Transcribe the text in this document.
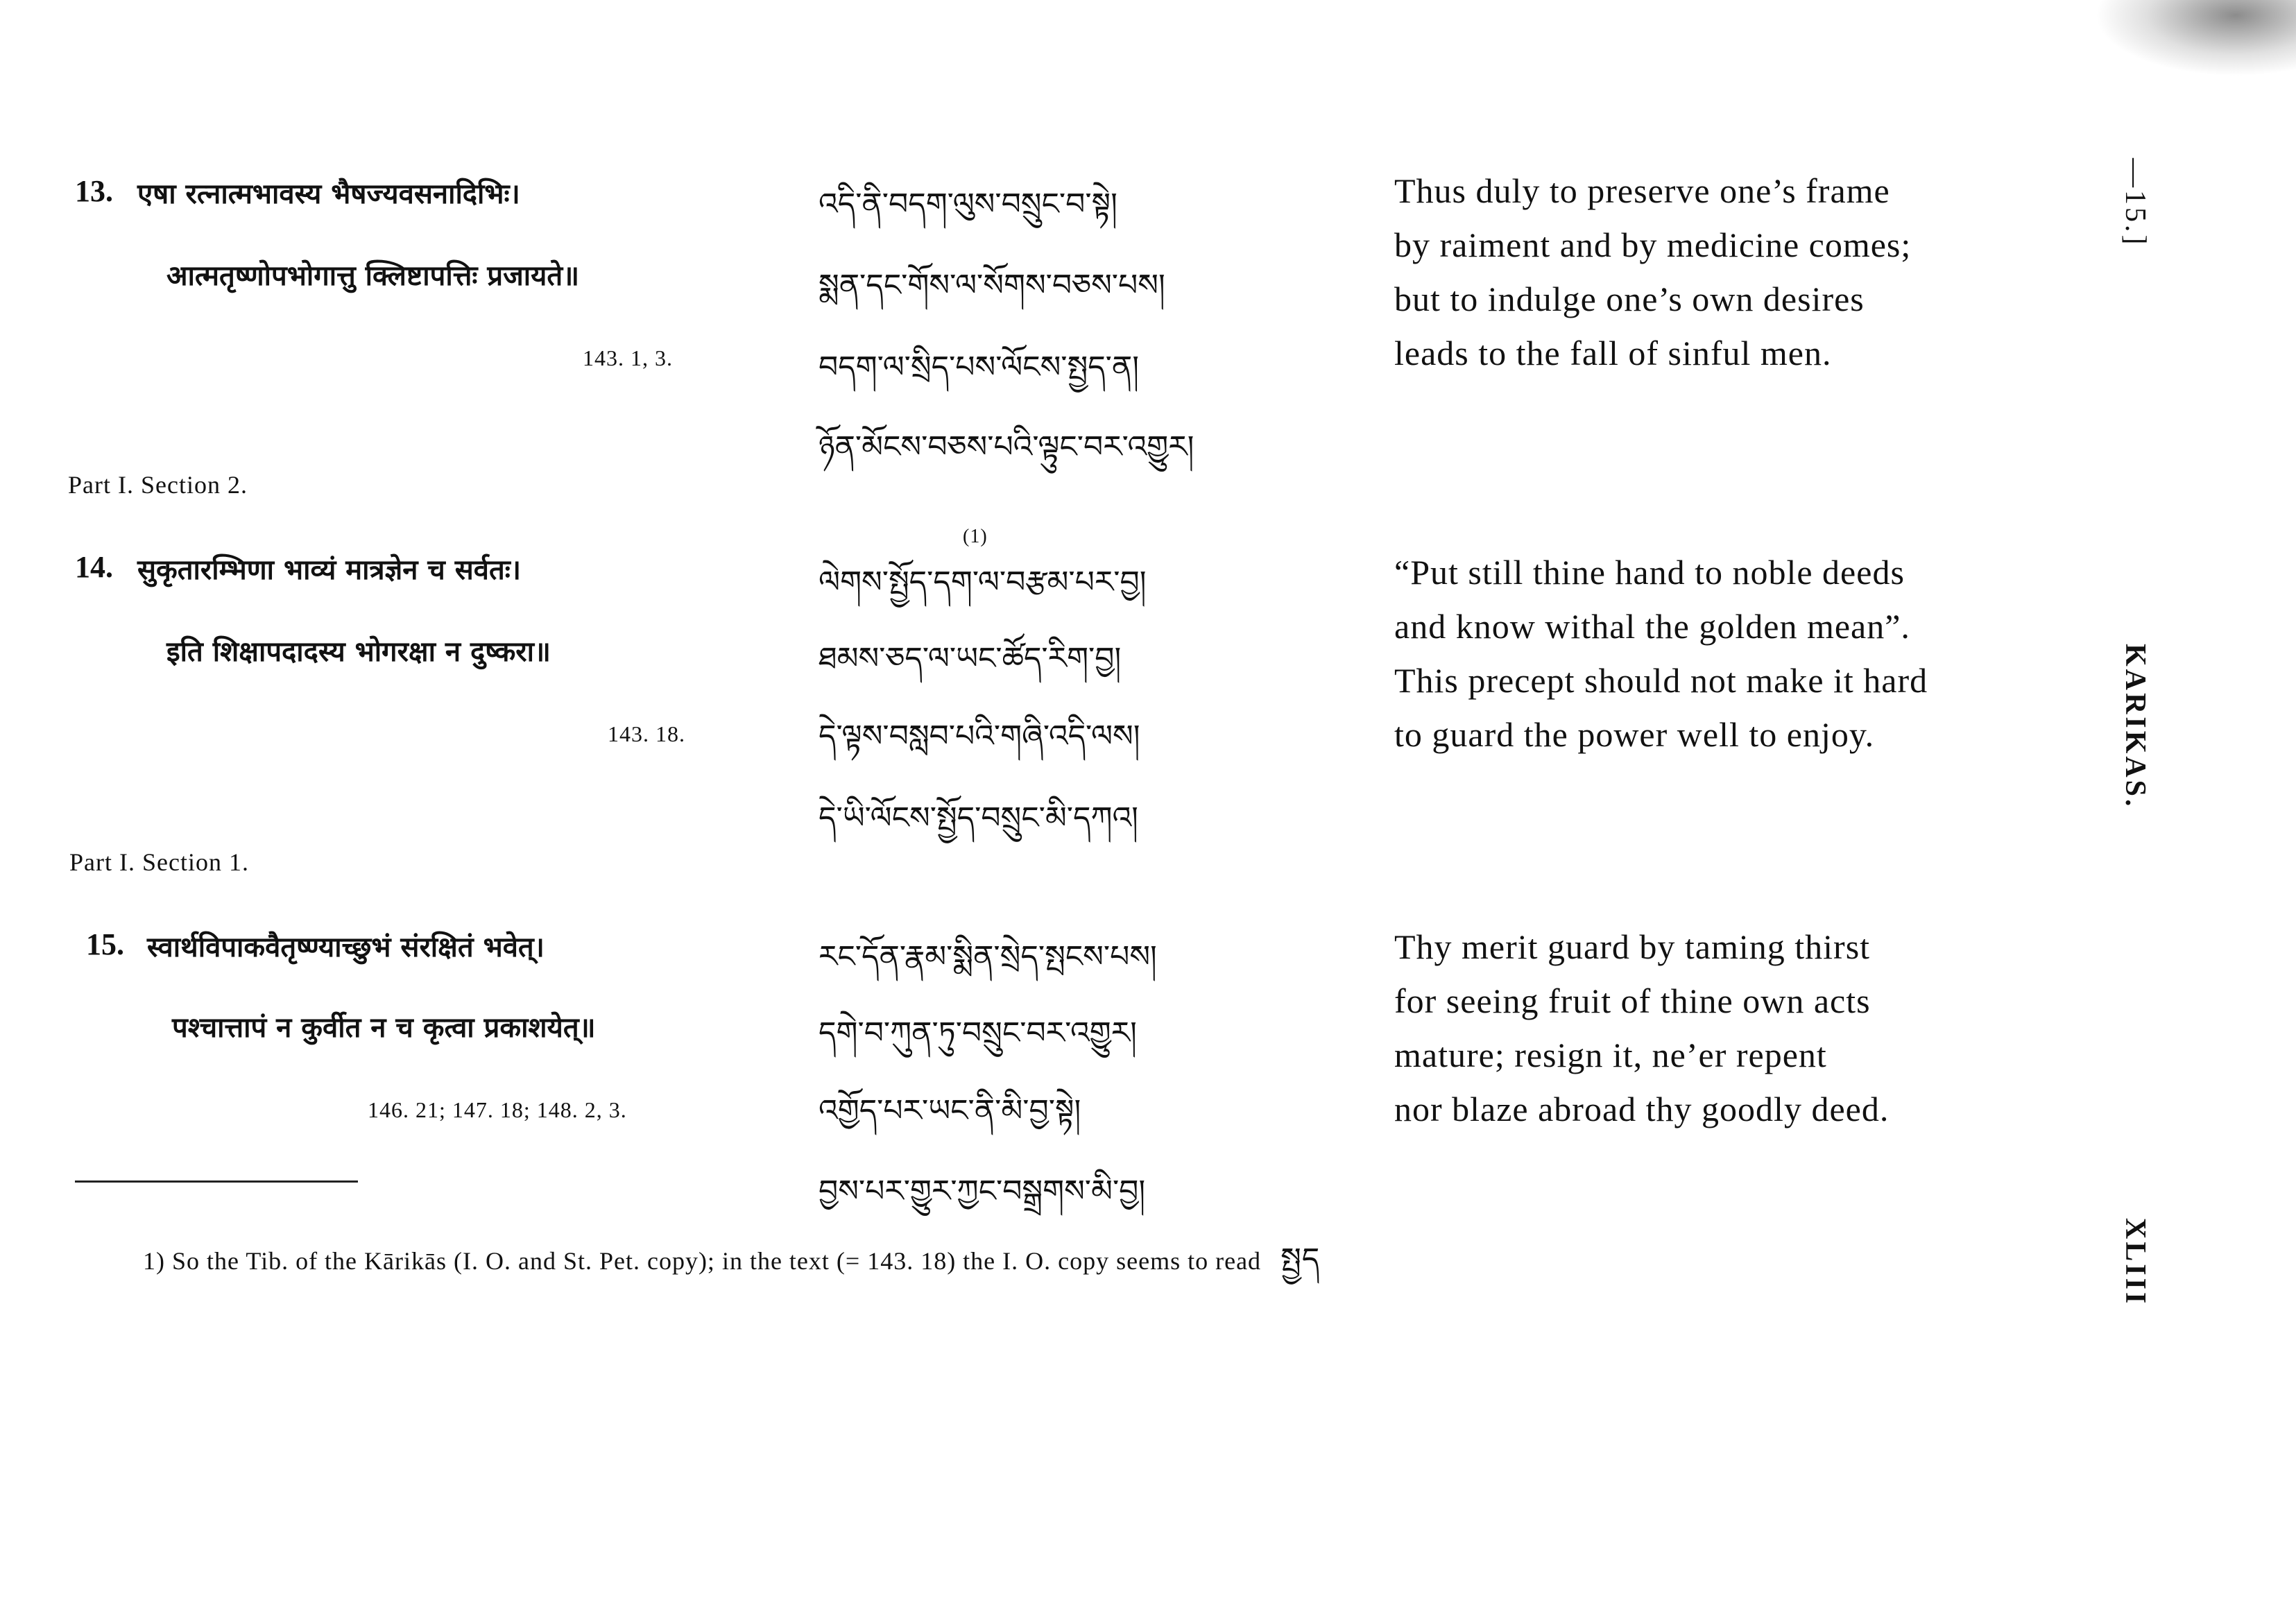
13. एषा रत्नात्मभावस्य भैषज्यवसनादिभिः।
आत्मतृष्णोपभोगात्तु क्लिष्टापत्तिः प्रजायते॥
143. 1, 3.
འདི་ནི་བདག་ལུས་བསྲུང་བ་སྟེ།
སྨན་དང་གོས་ལ་སོགས་བཅས་པས།
བདག་ལ་སྲིད་པས་ལོངས་སྤྱད་ན།
ཉོན་མོངས་བཅས་པའི་ལྟུང་བར་འགྱུར།
Thus duly to preserve one’s frame
by raiment and by medicine comes;
but to indulge one’s own desires
leads to the fall of sinful men.
Part I. Section 2.
14. सुकृतारम्भिणा भाव्यं मात्रज्ञेन च सर्वतः।
इति शिक्षापदादस्य भोगरक्षा न दुष्करा॥
143. 18.
(1)
ལེགས་སྤྱོད་དག་ལ་བརྩམ་པར་བྱ།
ཐམས་ཅད་ལ་ཡང་ཚོད་རིག་བྱ།
དེ་ལྟས་བསླབ་པའི་གཞི་འདི་ལས།
དེ་ཡི་ལོངས་སྤྱོད་བསྲུང་མི་དཀའ།
“Put still thine hand to noble deeds
and know withal the golden mean”.
This precept should not make it hard
to guard the power well to enjoy.
Part I. Section 1.
15. स्वार्थविपाकवैतृष्ण्याच्छुभं संरक्षितं भवेत्।
पश्चात्तापं न कुर्वीत न च कृत्वा प्रकाशयेत्॥
146. 21; 147. 18; 148. 2, 3.
རང་དོན་རྣམ་སྨིན་སྲེད་སྤངས་པས།
དགེ་བ་ཀུན་ཏུ་བསྲུང་བར་འགྱུར།
འགྱོད་པར་ཡང་ནི་མི་བྱ་སྟེ།
བྱས་པར་གྱུར་ཀྱང་བསྒྲགས་མི་བྱ།
Thy merit guard by taming thirst
for seeing fruit of thine own acts
mature; resign it, ne’er repent
nor blaze abroad thy goodly deed.
1) So the Tib. of the Kārikās (I. O. and St. Pet. copy); in the text (= 143. 18) the I. O. copy seems to read སྤྱད
—15.]
KARIKAS.
XLIII
